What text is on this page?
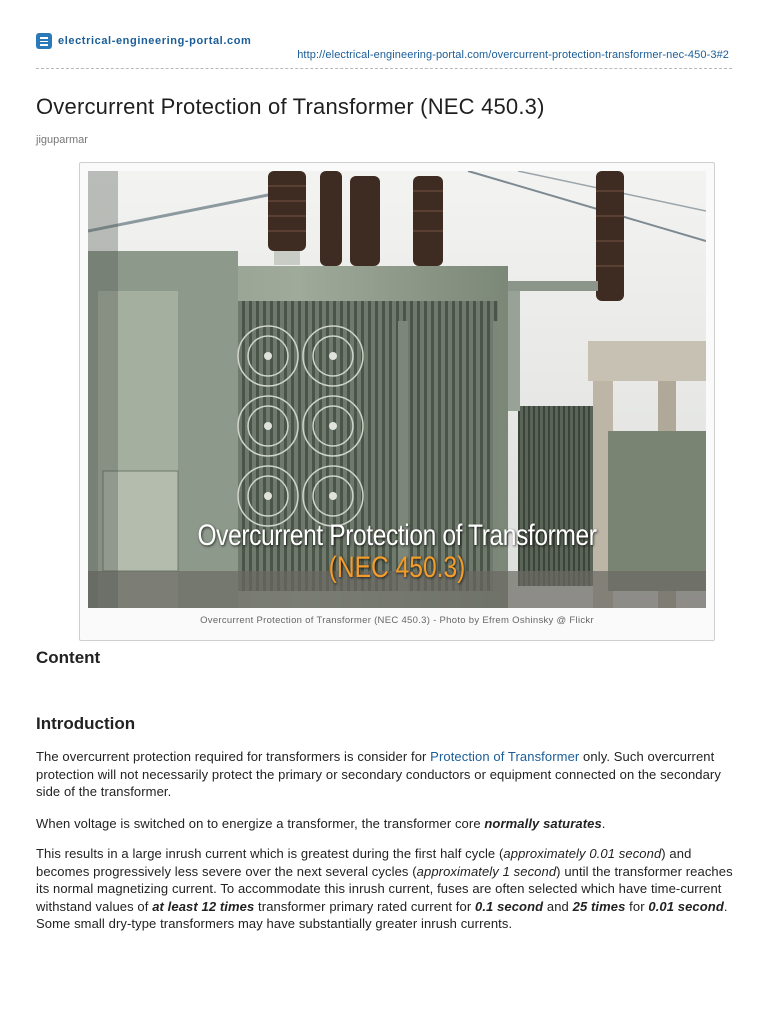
electrical-engineering-portal.com
http://electrical-engineering-portal.com/overcurrent-protection-transformer-nec-450-3#2
Overcurrent Protection of Transformer (NEC 450.3)
jiguparmar
Overcurrent Protection of Transformer
(NEC 450.3)
Overcurrent Protection of Transformer (NEC 450.3) - Photo by Efrem Oshinsky @ Flickr
Content
Introduction

The overcurrent protection required for transformers is consider for Protection of Transformer only. Such overcurrent protection will not necessarily protect the primary or secondary conductors or equipment connected on the secondary side of the transformer.

When voltage is switched on to energize a transformer, the transformer core normally saturates.

This results in a large inrush current which is greatest during the first half cycle (approximately 0.01 second) and becomes progressively less severe over the next several cycles (approximately 1 second) until the transformer reaches its normal magnetizing current. To accommodate this inrush current, fuses are often selected which have time-current withstand values of at least 12 times transformer primary rated current for 0.1 second and 25 times for 0.01 second. Some small dry-type transformers may have substantially greater inrush currents.
